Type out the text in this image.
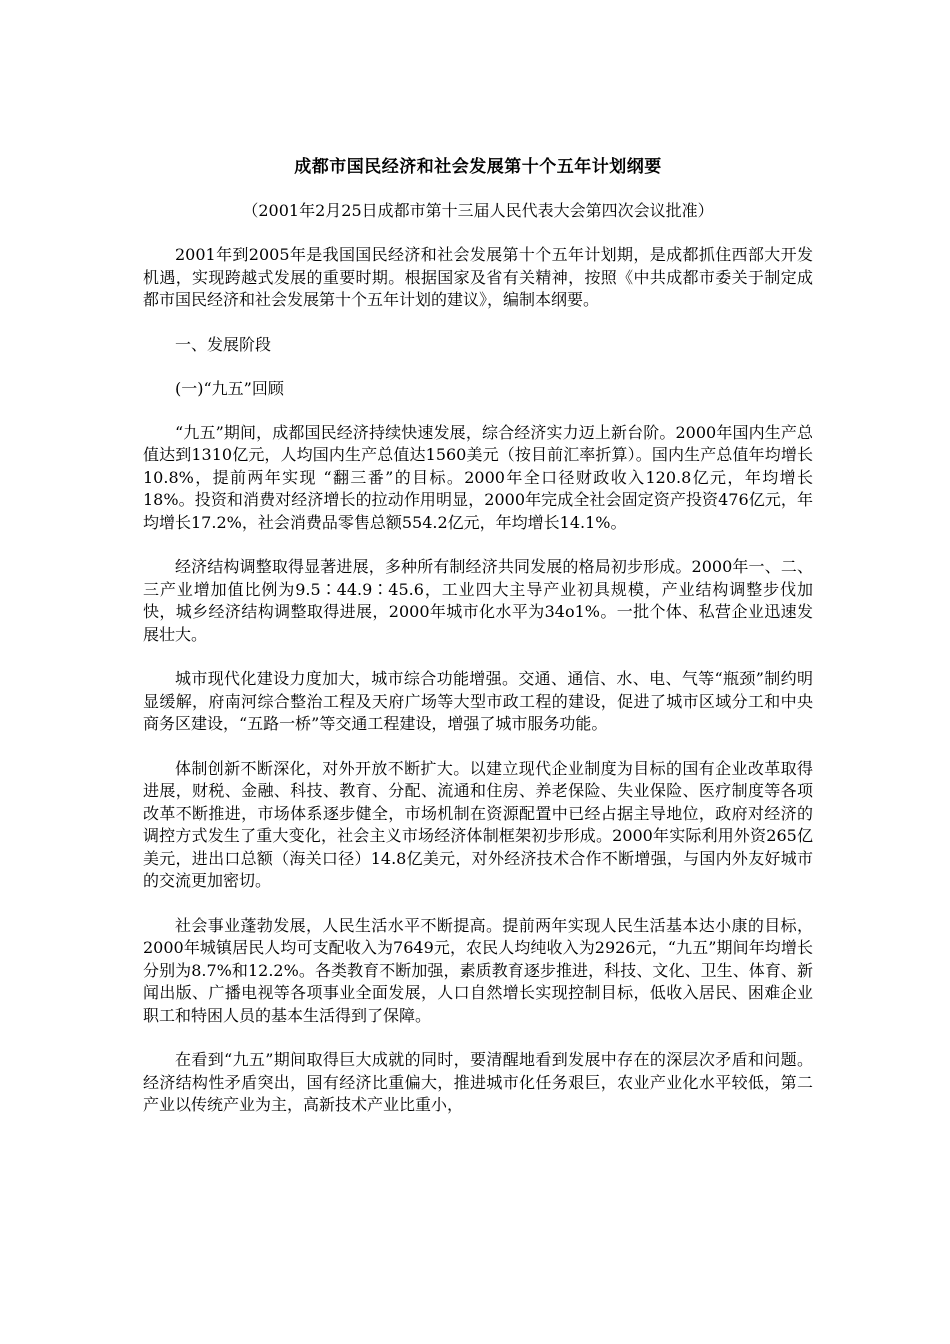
成都市国民经济和社会发展第十个五年计划纲要
（2001年2月25日成都市第十三届人民代表大会第四次会议批准）
2001年到2005年是我国国民经济和社会发展第十个五年计划期，是成都抓住西部大开发机遇，实现跨越式发展的重要时期。根据国家及省有关精神，按照《中共成都市委关于制定成都市国民经济和社会发展第十个五年计划的建议》，编制本纲要。
一、发展阶段
(一)“九五”回顾
“九五”期间，成都国民经济持续快速发展，综合经济实力迈上新台阶。2000年国内生产总值达到1310亿元，人均国内生产总值达1560美元（按目前汇率折算）。国内生产总值年均增长10.8%，提前两年实现 “翻三番”的目标。2000年全口径财政收入120.8亿元，年均增长18%。投资和消费对经济增长的拉动作用明显，2000年完成全社会固定资产投资476亿元，年均增长17.2%，社会消费品零售总额554.2亿元，年均增长14.1%。
经济结构调整取得显著进展，多种所有制经济共同发展的格局初步形成。2000年一、二、三产业增加值比例为9.5∶44.9∶45.6，工业四大主导产业初具规模，产业结构调整步伐加快，城乡经济结构调整取得进展，2000年城市化水平为34o1%。一批个体、私营企业迅速发展壮大。
城市现代化建设力度加大，城市综合功能增强。交通、通信、水、电、气等“瓶颈”制约明显缓解，府南河综合整治工程及天府广场等大型市政工程的建设，促进了城市区域分工和中央商务区建设，“五路一桥”等交通工程建设，增强了城市服务功能。
体制创新不断深化，对外开放不断扩大。以建立现代企业制度为目标的国有企业改革取得进展，财税、金融、科技、教育、分配、流通和住房、养老保险、失业保险、医疗制度等各项改革不断推进，市场体系逐步健全，市场机制在资源配置中已经占据主导地位，政府对经济的调控方式发生了重大变化，社会主义市场经济体制框架初步形成。2000年实际利用外资265亿美元，进出口总额（海关口径）14.8亿美元，对外经济技术合作不断增强，与国内外友好城市的交流更加密切。
社会事业蓬勃发展，人民生活水平不断提高。提前两年实现人民生活基本达小康的目标，2000年城镇居民人均可支配收入为7649元，农民人均纯收入为2926元，“九五”期间年均增长分别为8.7%和12.2%。各类教育不断加强，素质教育逐步推进，科技、文化、卫生、体育、新闻出版、广播电视等各项事业全面发展，人口自然增长实现控制目标，低收入居民、困难企业职工和特困人员的基本生活得到了保障。
在看到“九五”期间取得巨大成就的同时，要清醒地看到发展中存在的深层次矛盾和问题。经济结构性矛盾突出，国有经济比重偏大，推进城市化任务艰巨，农业产业化水平较低，第二产业以传统产业为主，高新技术产业比重小，
